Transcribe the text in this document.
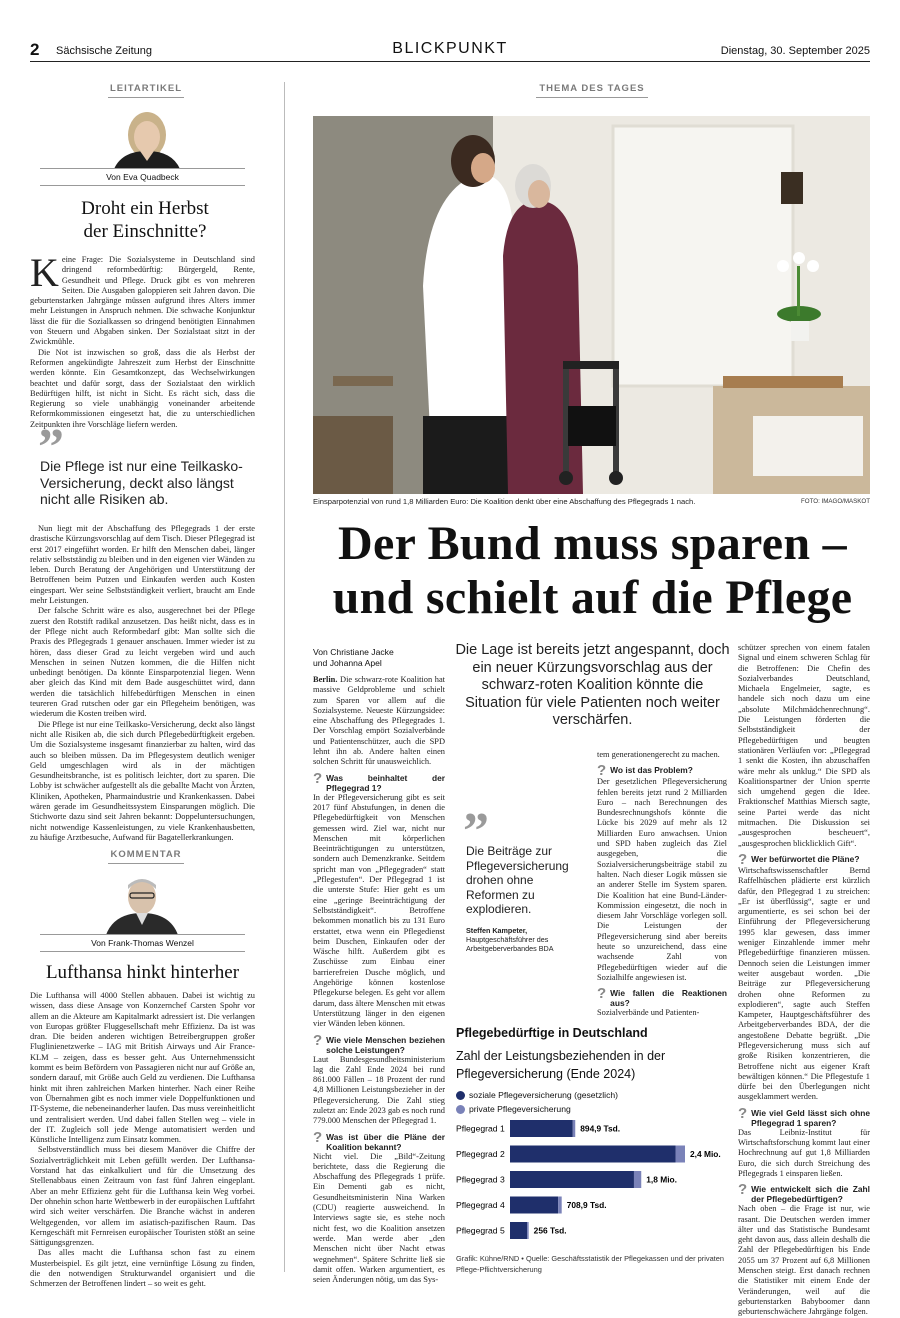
2 Sächsische Zeitung	BLICKPUNKT	Dienstag, 30. September 2025
LEITARTIKEL
Von Eva Quadbeck
Droht ein Herbst
der Einschnitte?

Keine Frage: Die Sozialsysteme in Deutschland sind dringend reformbedürftig: Bürgergeld, Rente, Gesundheit und Pflege. Druck gibt es von mehreren Seiten. Die Ausgaben galoppieren seit Jahren davon. Die geburtenstarken Jahrgänge müssen aufgrund ihres Alters immer mehr Leistungen in Anspruch nehmen. Die schwache Konjunktur lässt die für die Sozialkassen so dringend benötigten Einnahmen von Steuern und Abgaben sinken. Der Sozialstaat sitzt in der Zwickmühle.

Die Not ist inzwischen so groß, dass die als Herbst der Reformen angekündigte Jahreszeit zum Herbst der Einschnitte werden könnte. Ein Gesamtkonzept, das Wechselwirkungen beachtet und dafür sorgt, dass der Sozialstaat den wirklich Bedürftigen hilft, ist nicht in Sicht. Es rächt sich, dass die Regierung so viele unabhängig voneinander arbeitende Reformkommissionen eingesetzt hat, die zu unterschiedlichen Zeitpunkten ihre Vorschläge liefern werden.

”
Die Pflege ist nur eine Teilkasko-Versicherung, deckt also längst nicht alle Risiken ab.

Nun liegt mit der Abschaffung des Pflegegrads 1 der erste drastische Kürzungsvorschlag auf dem Tisch. Dieser Pflegegrad ist erst 2017 eingeführt worden. Er hilft den Menschen dabei, länger relativ selbstständig zu bleiben und in den eigenen vier Wänden zu leben. Durch Beratung der Angehörigen und Unterstützung der Betroffenen beim Putzen und Einkaufen werden auch Kosten eingespart. Wer seine Selbstständigkeit verliert, braucht am Ende mehr Leistungen.

Der falsche Schritt wäre es also, ausgerechnet bei der Pflege zuerst den Rotstift radikal anzusetzen. Das heißt nicht, dass es in der Pflege nicht auch Reformbedarf gibt: Man sollte sich die Praxis des Pflegegrads 1 genauer anschauen. Immer wieder ist zu hören, dass dieser Grad zu leicht vergeben wird und auch Menschen in seinen Nutzen kommen, die die Hilfen nicht unbedingt benötigen. Da könnte Einsparpotenzial liegen. Wenn aber gleich das Kind mit dem Bade ausgeschüttet wird, dann werden die tatsächlich hilfebedürftigen Menschen in einen teureren Grad rutschen oder gar ein Pflegeheim benötigen, was wiederum die Kosten treiben wird.

Die Pflege ist nur eine Teilkasko-Versicherung, deckt also längst nicht alle Risiken ab, die sich durch Pflegebedürftigkeit ergeben. Um die Sozialsysteme insgesamt finanzierbar zu halten, wird das auch so bleiben müssen. Da im Pflegesystem deutlich weniger Geld umgeschlagen wird als in der mächtigen Gesundheitsbranche, ist es politisch leichter, dort zu sparen. Die Lobby ist schwächer aufgestellt als die geballte Macht von Ärzten, Kliniken, Apotheken, Pharmaindustrie und Krankenkassen. Dabei wären gerade im Gesundheitssystem Einsparungen möglich. Die Stichworte dazu sind seit Jahren bekannt: Doppeluntersuchungen, nicht notwendige Kassenleistungen, zu viele Krankenhausbetten, zu häufige Arztbesuche, Aufwand für Bagatellerkrankungen.

KOMMENTAR
Von Frank-Thomas Wenzel
Lufthansa hinkt hinterher

Die Lufthansa will 4000 Stellen abbauen. Dabei ist wichtig zu wissen, dass diese Ansage von Konzernchef Carsten Spohr vor allem an die Akteure am Kapitalmarkt adressiert ist. Die verlangen von Europas größter Fluggesellschaft mehr Effizienz. Da ist was dran. Die beiden anderen wichtigen Betreibergruppen großer Fluglinienetzwerke – IAG mit British Airways und Air France-KLM – zeigen, dass es besser geht. Aus Unternehmenssicht kommt es beim Befördern von Passagieren nicht nur auf Größe an, sondern darauf, mit Größe auch Geld zu verdienen. Die Lufthansa hinkt mit ihren zahlreichen Marken hinterher. Nach einer Reihe von Übernahmen gibt es noch immer viele Doppelfunktionen und IT-Systeme, die nebeneinanderher laufen. Das muss vereinheitlicht und zentralisiert werden. Und dabei fallen Stellen weg – viele in der IT. Zugleich soll jede Menge automatisiert werden und Künstliche Intelligenz zum Einsatz kommen.

Selbstverständlich muss bei diesem Manöver die Chiffre der Sozialverträglichkeit mit Leben gefüllt werden. Der Lufthansa-Vorstand hat das einkalkuliert und für die Umsetzung des Stellenabbaus einen Zeitraum von fast fünf Jahren eingeplant. Aber an mehr Effizienz geht für die Lufthansa kein Weg vorbei. Der ohnehin schon harte Wettbewerb in der europäischen Luftfahrt wird sich weiter verschärfen. Die Branche wächst in anderen Weltgegenden, vor allem im asiatisch-pazifischen Raum. Das Kerngeschäft mit Fernreisen europäischer Touristen stößt an seine Sättigungsgrenzen.

Das alles macht die Lufthansa schon fast zu einem Musterbeispiel. Es gilt jetzt, eine vernünftige Lösung zu finden, die den notwendigen Strukturwandel organisiert und die Schmerzen der Betroffenen lindert – so weit es geht.

THEMA DES TAGES
Einsparpotenzial von rund 1,8 Milliarden Euro: Die Koalition denkt über eine Abschaffung des Pflegegrads 1 nach.	FOTO: IMAGO/MASKOT
Der Bund muss sparen –
und schielt auf die Pflege
Von Christiane Jacke
und Johanna Apel
Die Lage ist bereits jetzt angespannt, doch ein neuer Kürzungsvorschlag aus der schwarz-roten Koalition könnte die Situation für viele Patienten noch weiter verschärfen.

Berlin. Die schwarz-rote Koalition hat massive Geldprobleme und schielt zum Sparen vor allem auf die Sozialsysteme. Neueste Kürzungsidee: eine Abschaffung des Pflegegrades 1. Der Vorschlag empört Sozialverbände und Patientenschützer, auch die SPD lehnt ihn ab. Andere halten einen solchen Schritt für unausweichlich.

? Was beinhaltet der Pflegegrad 1?

In der Pflegeversicherung gibt es seit 2017 fünf Abstufungen, in denen die Pflegebedürftigkeit von Menschen gemessen wird. Ziel war, nicht nur Menschen mit körperlichen Beeinträchtigungen zu unterstützen, sondern auch Demenzkranke. Seitdem spricht man von „Pflegegraden“ statt „Pflegestufen“. Der Pflegegrad 1 ist die unterste Stufe: Hier geht es um eine „geringe Beeinträchtigung der Selbstständigkeit“. Betroffene bekommen monatlich bis zu 131 Euro erstattet, etwa wenn ein Pflegedienst beim Duschen, Einkaufen oder der Wäsche hilft. Außerdem gibt es Zuschüsse zum Einbau einer barrierefreien Dusche möglich, und Angehörige können kostenlose Pflegekurse belegen. Es geht vor allem darum, dass ältere Menschen mit etwas Unterstützung länger in den eigenen vier Wänden leben können.

? Wie viele Menschen beziehen solche Leistungen?

Laut Bundesgesundheitsministerium lag die Zahl Ende 2024 bei rund 861.000 Fällen – 18 Prozent der rund 4,8 Millionen Leistungsbezieher in der Pflegeversicherung. Die Zahl stieg zuletzt an: Ende 2023 gab es noch rund 779.000 Menschen der Pflegegrad 1.

? Was ist über die Pläne der Koalition bekannt?

Nicht viel. Die „Bild“-Zeitung berichtete, dass die Regierung die Abschaffung des Pflegegrads 1 prüfe. Ein Dementi gab es nicht, Gesundheitsministerin Nina Warken (CDU) reagierte ausweichend. In Interviews sagte sie, es stehe noch nicht fest, wo die Koalition ansetzen werde. Man werde aber „den Menschen nicht über Nacht etwas wegnehmen“. Spätere Schritte ließ sie damit offen. Warken argumentiert, es seien Änderungen nötig, um das Sys-

”
Die Beiträge zur Pflegeversicherung drohen ohne Reformen zu explodieren.
Steffen Kampeter,
Hauptgeschäftsführer des Arbeitgeberverbandes BDA

tem generationengerecht zu machen.

? Wo ist das Problem?

Der gesetzlichen Pflegeversicherung fehlen bereits jetzt rund 2 Milliarden Euro – nach Berechnungen des Bundesrechnungshofs könnte die Lücke bis 2029 auf mehr als 12 Milliarden Euro anwachsen. Union und SPD haben zugleich das Ziel ausgegeben, die Sozialversicherungsbeiträge stabil zu halten. Nach dieser Logik müssen sie an anderer Stelle im System sparen. Die Koalition hat eine Bund-Länder-Kommission eingesetzt, die noch in diesem Jahr Vorschläge vorlegen soll. Die Leistungen der Pflegeversicherung sind aber bereits heute so unzureichend, dass eine wachsende Zahl von Pflegebedürftigen wieder auf die Sozialhilfe angewiesen ist.

? Wie fallen die Reaktionen aus?

Sozialverbände und Patienten-

schützer sprechen von einem fatalen Signal und einem schweren Schlag für die Betroffenen: Die Chefin des Sozialverbandes Deutschland, Michaela Engelmeier, sagte, es handele sich noch dazu um eine „absolute Milchmädchenrechnung“. Die Leistungen förderten die Selbstständigkeit der Pflegebedürftigen und beugten stationären Verläufen vor: „Pflegegrad 1 senkt die Kosten, ihn abzuschaffen wäre mehr als unklug.“ Die SPD als Koalitionspartner der Union sperrte sich umgehend gegen die Idee. Fraktionschef Matthias Miersch sagte, seine Partei werde das nicht mitmachen. Die Diskussion sei „ausgesprochen bescheuert“, „ausgesprochen blicklicklich Gift“.

? Wer befürwortet die Pläne?

Wirtschaftswissenschaftler Bernd Raffelhüschen plädierte erst kürzlich dafür, den Pflegegrad 1 zu streichen: „Er ist überflüssig“, sagte er und argumentierte, es sei schon bei der Einführung der Pflegeversicherung 1995 klar gewesen, dass immer weniger Einzahlende immer mehr Pflegebedürftige finanzieren müssen. Dennoch seien die Leistungen immer weiter ausgebaut worden. „Die Beiträge zur Pflegeversicherung drohen ohne Reformen zu explodieren“, sagte auch Steffen Kampeter, Hauptgeschäftsführer des Arbeitgeberverbandes BDA, der die angestoßene Debatte begrüßt. „Die Pflegeversicherung muss sich auf große Risiken konzentrieren, die Betroffene nicht aus eigener Kraft bewältigen können.“ Die Pflegestufe 1 dürfe bei den Überlegungen nicht ausgeklammert werden.

? Wie viel Geld lässt sich ohne Pflegegrad 1 sparen?

Das Leibniz-Institut für Wirtschaftsforschung kommt laut einer Hochrechnung auf gut 1,8 Milliarden Euro, die sich durch Streichung des Pflegegrads 1 einsparen ließen.

? Wie entwickelt sich die Zahl der Pflegebedürftigen?

Nach oben – die Frage ist nur, wie rasant. Die Deutschen werden immer älter und das Statistische Bundesamt geht davon aus, dass allein deshalb die Zahl der Pflegebedürftigen bis Ende 2055 um 37 Prozent auf 6,8 Millionen Menschen steigt. Erst danach rechnen die Statistiker mit einem Ende der Veränderungen, weil auf die geburtenstarken Babyboomer dann geburtenschwächere Jahrgänge folgen.

Pflegebedürftige in Deutschland
Zahl der Leistungsbeziehenden in der Pflegeversicherung (Ende 2024)
soziale Pflegeversicherung (gesetzlich)
private Pflegeversicherung
Pflegegrad 1	894,9 Tsd.
Pflegegrad 2	2,4 Mio.
Pflegegrad 3	1,8 Mio.
Pflegegrad 4	708,9 Tsd.
Pflegegrad 5	256 Tsd.
Grafik: Kühne/RND • Quelle: Geschäftsstatistik der Pflegekassen und der privaten Pflege-Pflichtversicherung
